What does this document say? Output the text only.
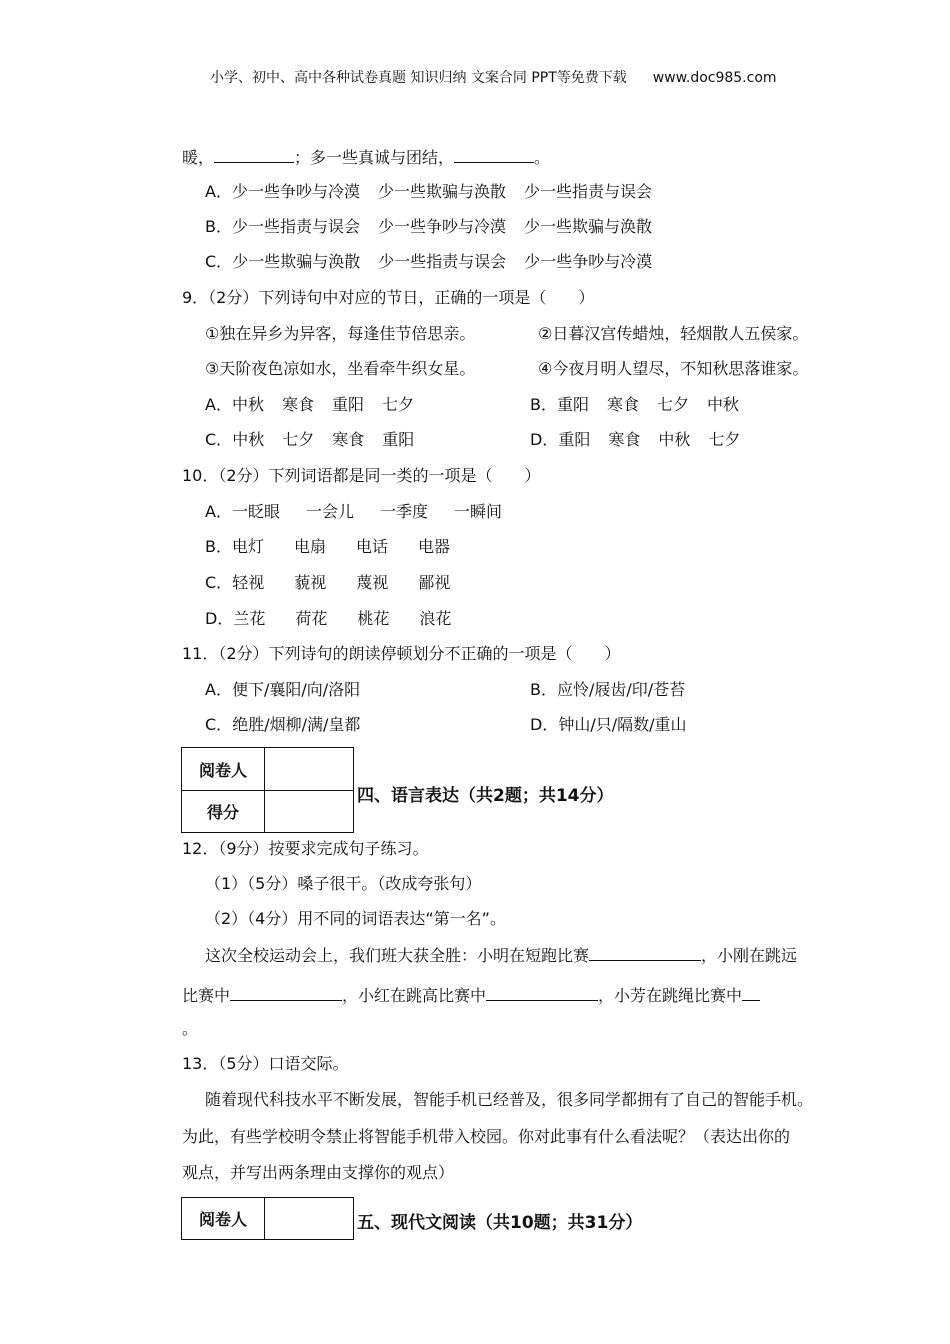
小学、初中、高中各种试卷真题 知识归纳 文案合同 PPT等免费下载 www.doc985.com
暖，	；多一些真诚与团结，	。
A．少一些争吵与冷漠 少一些欺骗与涣散 少一些指责与误会
B．少一些指责与误会 少一些争吵与冷漠 少一些欺骗与涣散
C．少一些欺骗与涣散 少一些指责与误会 少一些争吵与冷漠
9．（2分）下列诗句中对应的节日，正确的一项是（　　）
①独在异乡为异客，每逢佳节倍思亲。	②日暮汉宫传蜡烛，轻烟散人五侯家。
③天阶夜色凉如水，坐看牵牛织女星。	④今夜月明人望尽，不知秋思落谁家。
A．中秋 寒食 重阳 七夕	B．重阳 寒食 七夕 中秋
C．中秋 七夕 寒食 重阳	D．重阳 寒食 中秋 七夕
10．（2分）下列词语都是同一类的一项是（　　）
A．一眨眼 一会儿 一季度 一瞬间
B．电灯 电扇 电话 电器
C．轻视 藐视 蔑视 鄙视
D．兰花 荷花 桃花 浪花
11．（2分）下列诗句的朗读停顿划分不正确的一项是（　　）
A．便下/襄阳/向/洛阳	B．应怜/屐齿/印/苍苔
C．绝胜/烟柳/满/皇都	D．钟山/只/隔数/重山
阅卷人	
得分	
四、语言表达（共2题；共14分）
12．（9分）按要求完成句子练习。
（1）（5分）嗓子很干。（改成夸张句）
（2）（4分）用不同的词语表达“第一名”。
这次全校运动会上，我们班大获全胜：小明在短跑比赛	，小刚在跳远
比赛中	，小红在跳高比赛中	，小芳在跳绳比赛中
。
13．（5分）口语交际。
随着现代科技水平不断发展，智能手机已经普及，很多同学都拥有了自己的智能手机。
为此，有些学校明令禁止将智能手机带入校园。你对此事有什么看法呢？（表达出你的
观点，并写出两条理由支撑你的观点）
阅卷人		五、现代文阅读（共10题；共31分）
